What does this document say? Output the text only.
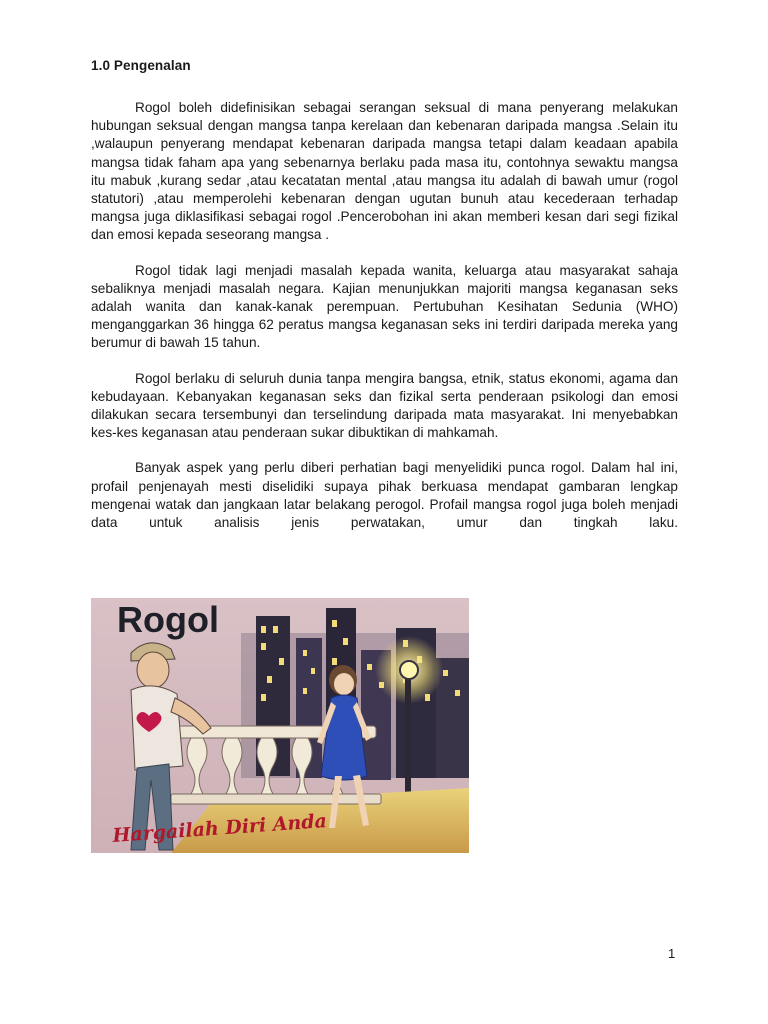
1.0 Pengenalan

Rogol boleh didefinisikan sebagai serangan seksual di mana penyerang melakukan hubungan seksual dengan mangsa tanpa kerelaan dan kebenaran daripada mangsa .Selain itu ,walaupun penyerang mendapat kebenaran daripada mangsa tetapi dalam keadaan apabila mangsa tidak faham apa yang sebenarnya berlaku pada masa itu, contohnya sewaktu mangsa itu mabuk ,kurang sedar ,atau kecatatan mental ,atau mangsa itu adalah di bawah umur (rogol statutori) ,atau memperolehi kebenaran dengan ugutan bunuh atau kecederaan terhadap mangsa juga diklasifikasi sebagai rogol .Pencerobohan ini akan memberi kesan dari segi fizikal dan emosi kepada seseorang mangsa .

Rogol tidak lagi menjadi masalah kepada wanita, keluarga atau masyarakat sahaja sebaliknya menjadi masalah negara. Kajian menunjukkan majoriti mangsa keganasan seks adalah wanita dan kanak-kanak perempuan. Pertubuhan Kesihatan Sedunia (WHO) menganggarkan 36 hingga 62 peratus mangsa keganasan seks ini terdiri daripada mereka yang berumur di bawah 15 tahun.

Rogol berlaku di seluruh dunia tanpa mengira bangsa, etnik, status ekonomi, agama dan kebudayaan. Kebanyakan keganasan seks dan fizikal serta penderaan psikologi dan emosi dilakukan secara tersembunyi dan terselindung daripada mata masyarakat. Ini menyebabkan kes-kes keganasan atau penderaan sukar dibuktikan di mahkamah.

Banyak aspek yang perlu diberi perhatian bagi menyelidiki punca rogol. Dalam hal ini, profail penjenayah mesti diselidiki supaya pihak berkuasa mendapat gambaran lengkap mengenai watak dan jangkaan latar belakang perogol. Profail mangsa rogol juga boleh menjadi data untuk analisis jenis perwatakan, umur dan tingkah laku.

Rogol
Hargailah Diri Anda
1
